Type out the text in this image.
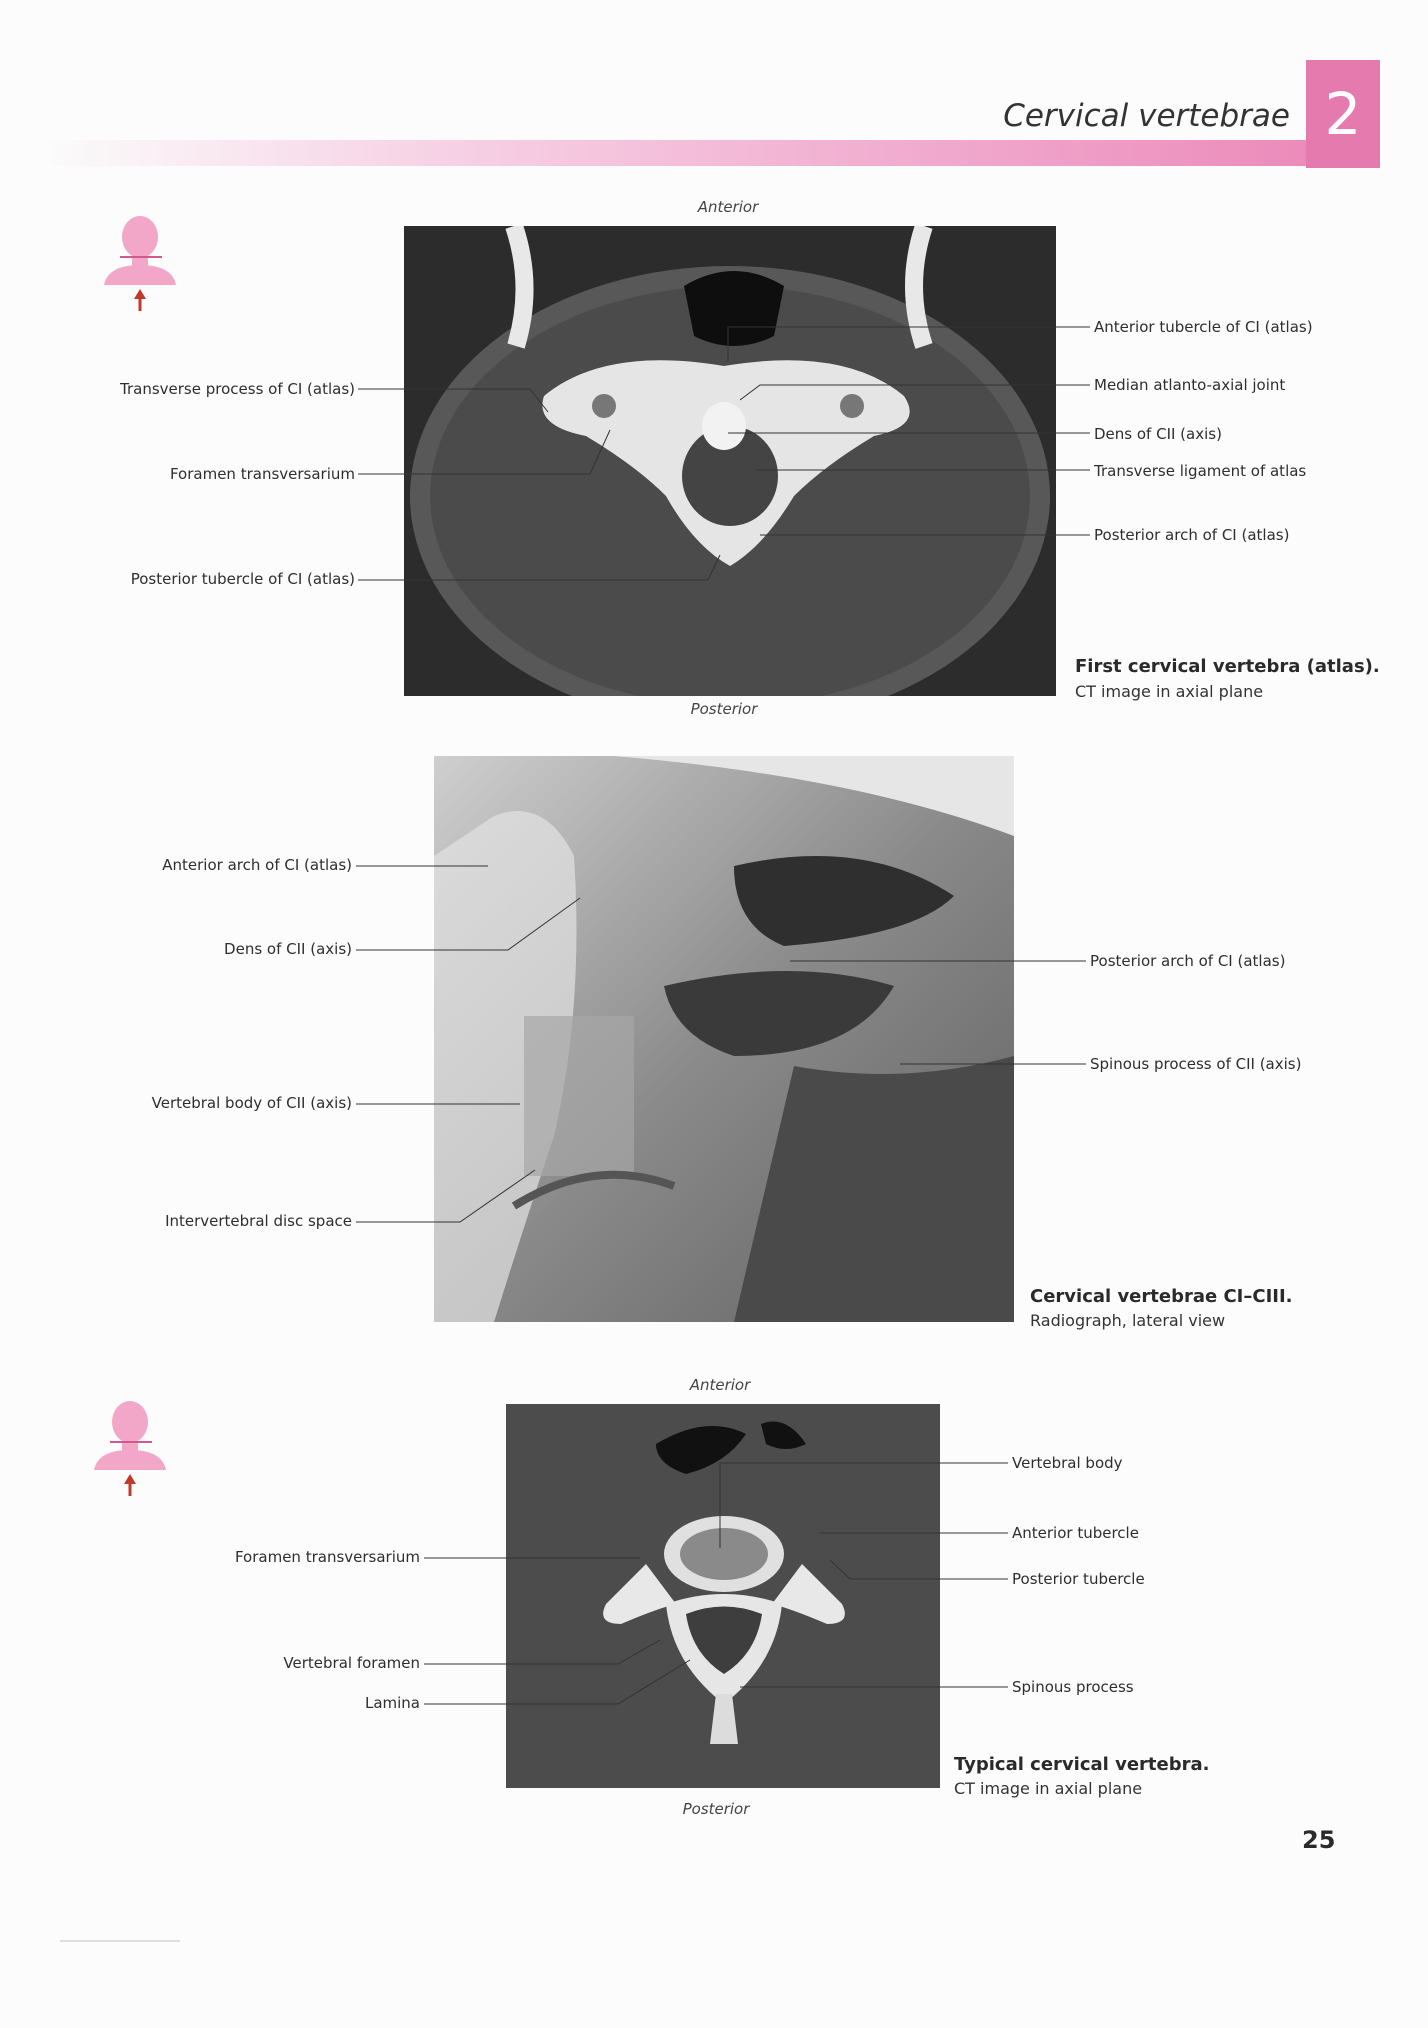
Cervical vertebrae 2
Anterior
Posterior
Transverse process of CI (atlas)
Foramen transversarium
Posterior tubercle of CI (atlas)
Anterior tubercle of CI (atlas)
Median atlanto-axial joint
Dens of CII (axis)
Transverse ligament of atlas
Posterior arch of CI (atlas)
First cervical vertebra (atlas).
CT image in axial plane
Anterior arch of CI (atlas)
Dens of CII (axis)
Vertebral body of CII (axis)
Intervertebral disc space
Posterior arch of CI (atlas)
Spinous process of CII (axis)
Cervical vertebrae CI–CIII.
Radiograph, lateral view
Anterior
Posterior
Foramen transversarium
Vertebral foramen
Lamina
Vertebral body
Anterior tubercle
Posterior tubercle
Spinous process
Typical cervical vertebra.
CT image in axial plane
25
